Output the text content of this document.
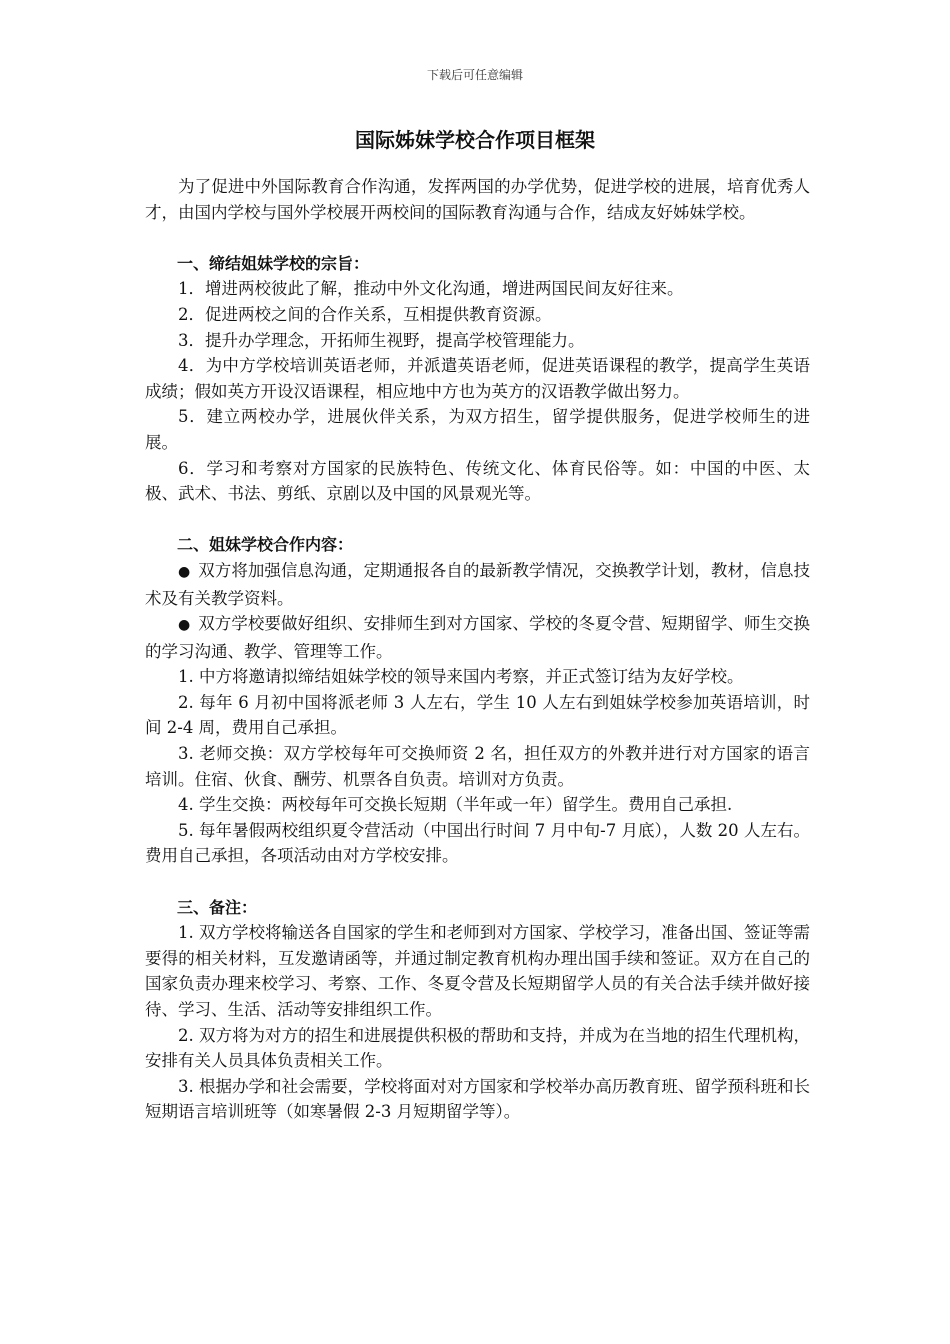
下载后可任意编辑
国际姊妹学校合作项目框架

为了促进中外国际教育合作沟通，发挥两国的办学优势，促进学校的进展，培育优秀人才，由国内学校与国外学校展开两校间的国际教育沟通与合作，结成友好姊妹学校。

一、缔结姐妹学校的宗旨：

1．增进两校彼此了解，推动中外文化沟通，增进两国民间友好往来。

2．促进两校之间的合作关系，互相提供教育资源。

3．提升办学理念，开拓师生视野，提高学校管理能力。

4．为中方学校培训英语老师，并派遣英语老师，促进英语课程的教学，提高学生英语成绩；假如英方开设汉语课程，相应地中方也为英方的汉语教学做出努力。

5．建立两校办学，进展伙伴关系，为双方招生，留学提供服务，促进学校师生的进展。

6．学习和考察对方国家的民族特色、传统文化、体育民俗等。如：中国的中医、太极、武术、书法、剪纸、京剧以及中国的风景观光等。

二、姐妹学校合作内容：

● 双方将加强信息沟通，定期通报各自的最新教学情况，交换教学计划，教材，信息技术及有关教学资料。

● 双方学校要做好组织、安排师生到对方国家、学校的冬夏令营、短期留学、师生交换的学习沟通、教学、管理等工作。

1. 中方将邀请拟缔结姐妹学校的领导来国内考察，并正式签订结为友好学校。

2. 每年 6 月初中国将派老师 3 人左右，学生 10 人左右到姐妹学校参加英语培训，时间 2-4 周，费用自己承担。

3. 老师交换：双方学校每年可交换师资 2 名，担任双方的外教并进行对方国家的语言培训。住宿、伙食、酬劳、机票各自负责。培训对方负责。

4. 学生交换：两校每年可交换长短期（半年或一年）留学生。费用自己承担.

5. 每年暑假两校组织夏令营活动（中国出行时间 7 月中旬-7 月底），人数 20 人左右。费用自己承担，各项活动由对方学校安排。

三、备注：

1. 双方学校将输送各自国家的学生和老师到对方国家、学校学习，准备出国、签证等需要得的相关材料，互发邀请函等，并通过制定教育机构办理出国手续和签证。双方在自己的国家负责办理来校学习、考察、工作、冬夏令营及长短期留学人员的有关合法手续并做好接待、学习、生活、活动等安排组织工作。

2. 双方将为对方的招生和进展提供积极的帮助和支持，并成为在当地的招生代理机构，安排有关人员具体负责相关工作。

3. 根据办学和社会需要，学校将面对对方国家和学校举办高历教育班、留学预科班和长短期语言培训班等（如寒暑假 2-3 月短期留学等）。
